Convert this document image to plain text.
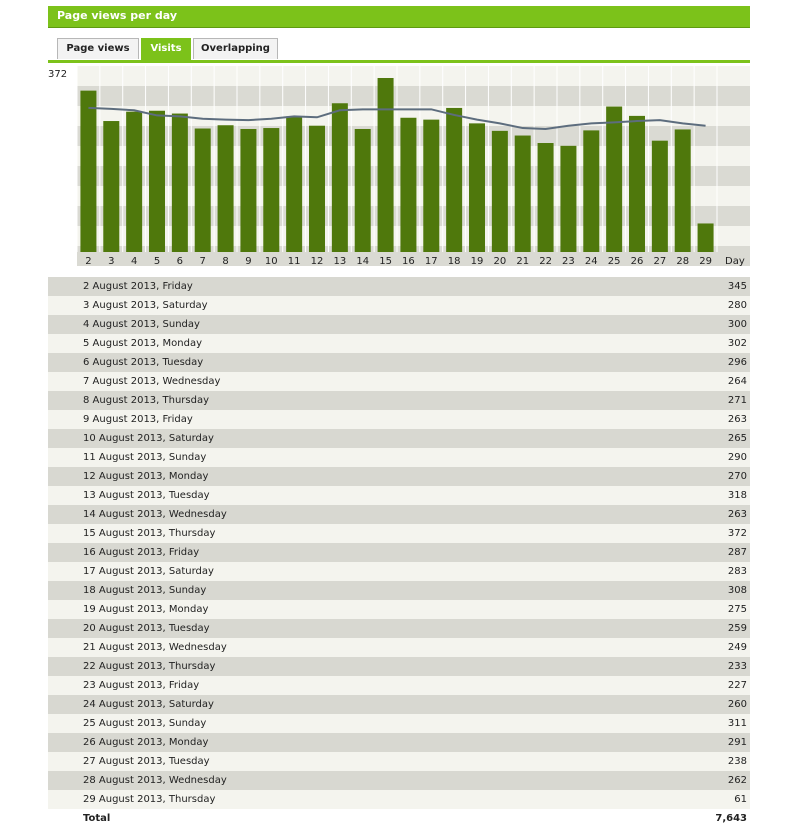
Page views per day
Page views	Visits	Overlapping
372
2 3 4 5 6 7 8 9 10 11 12 13 14 15 16 17 18 19 20 21 22 23 24 25 26 27 28 29 Day
2 August 2013, Friday	345
3 August 2013, Saturday	280
4 August 2013, Sunday	300
5 August 2013, Monday	302
6 August 2013, Tuesday	296
7 August 2013, Wednesday	264
8 August 2013, Thursday	271
9 August 2013, Friday	263
10 August 2013, Saturday	265
11 August 2013, Sunday	290
12 August 2013, Monday	270
13 August 2013, Tuesday	318
14 August 2013, Wednesday	263
15 August 2013, Thursday	372
16 August 2013, Friday	287
17 August 2013, Saturday	283
18 August 2013, Sunday	308
19 August 2013, Monday	275
20 August 2013, Tuesday	259
21 August 2013, Wednesday	249
22 August 2013, Thursday	233
23 August 2013, Friday	227
24 August 2013, Saturday	260
25 August 2013, Sunday	311
26 August 2013, Monday	291
27 August 2013, Tuesday	238
28 August 2013, Wednesday	262
29 August 2013, Thursday	61
Total	7,643
